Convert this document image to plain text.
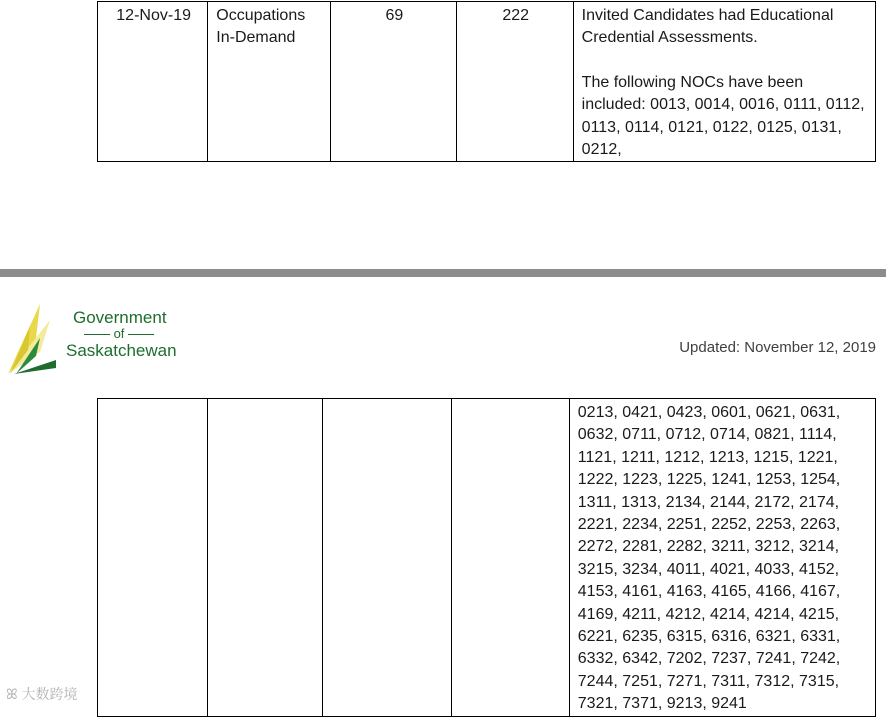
12-Nov-19	Occupations In-Demand	69	222	Invited Candidates had Educational Credential Assessments.
The following NOCs have been included: 0013, 0014, 0016, 0111, 0112, 0113, 0114, 0121, 0122, 0125, 0131, 0212,
Government
of
Saskatchewan	Updated: November 12, 2019

0213, 0421, 0423, 0601, 0621, 0631, 0632, 0711, 0712, 0714, 0821, 1114, 1121, 1211, 1212, 1213, 1215, 1221, 1222, 1223, 1225, 1241, 1253, 1254, 1311, 1313, 2134, 2144, 2172, 2174, 2221, 2234, 2251, 2252, 2253, 2263, 2272, 2281, 2282, 3211, 3212, 3214, 3215, 3234, 4011, 4021, 4033, 4152, 4153, 4161, 4163, 4165, 4166, 4167, 4169, 4211, 4212, 4214, 4214, 4215, 6221, 6235, 6315, 6316, 6321, 6331, 6332, 6342, 7202, 7237, 7241, 7242, 7244, 7251, 7271, 7311, 7312, 7315, 7321, 7371, 9213, 9241
ꕤ 大数跨境
